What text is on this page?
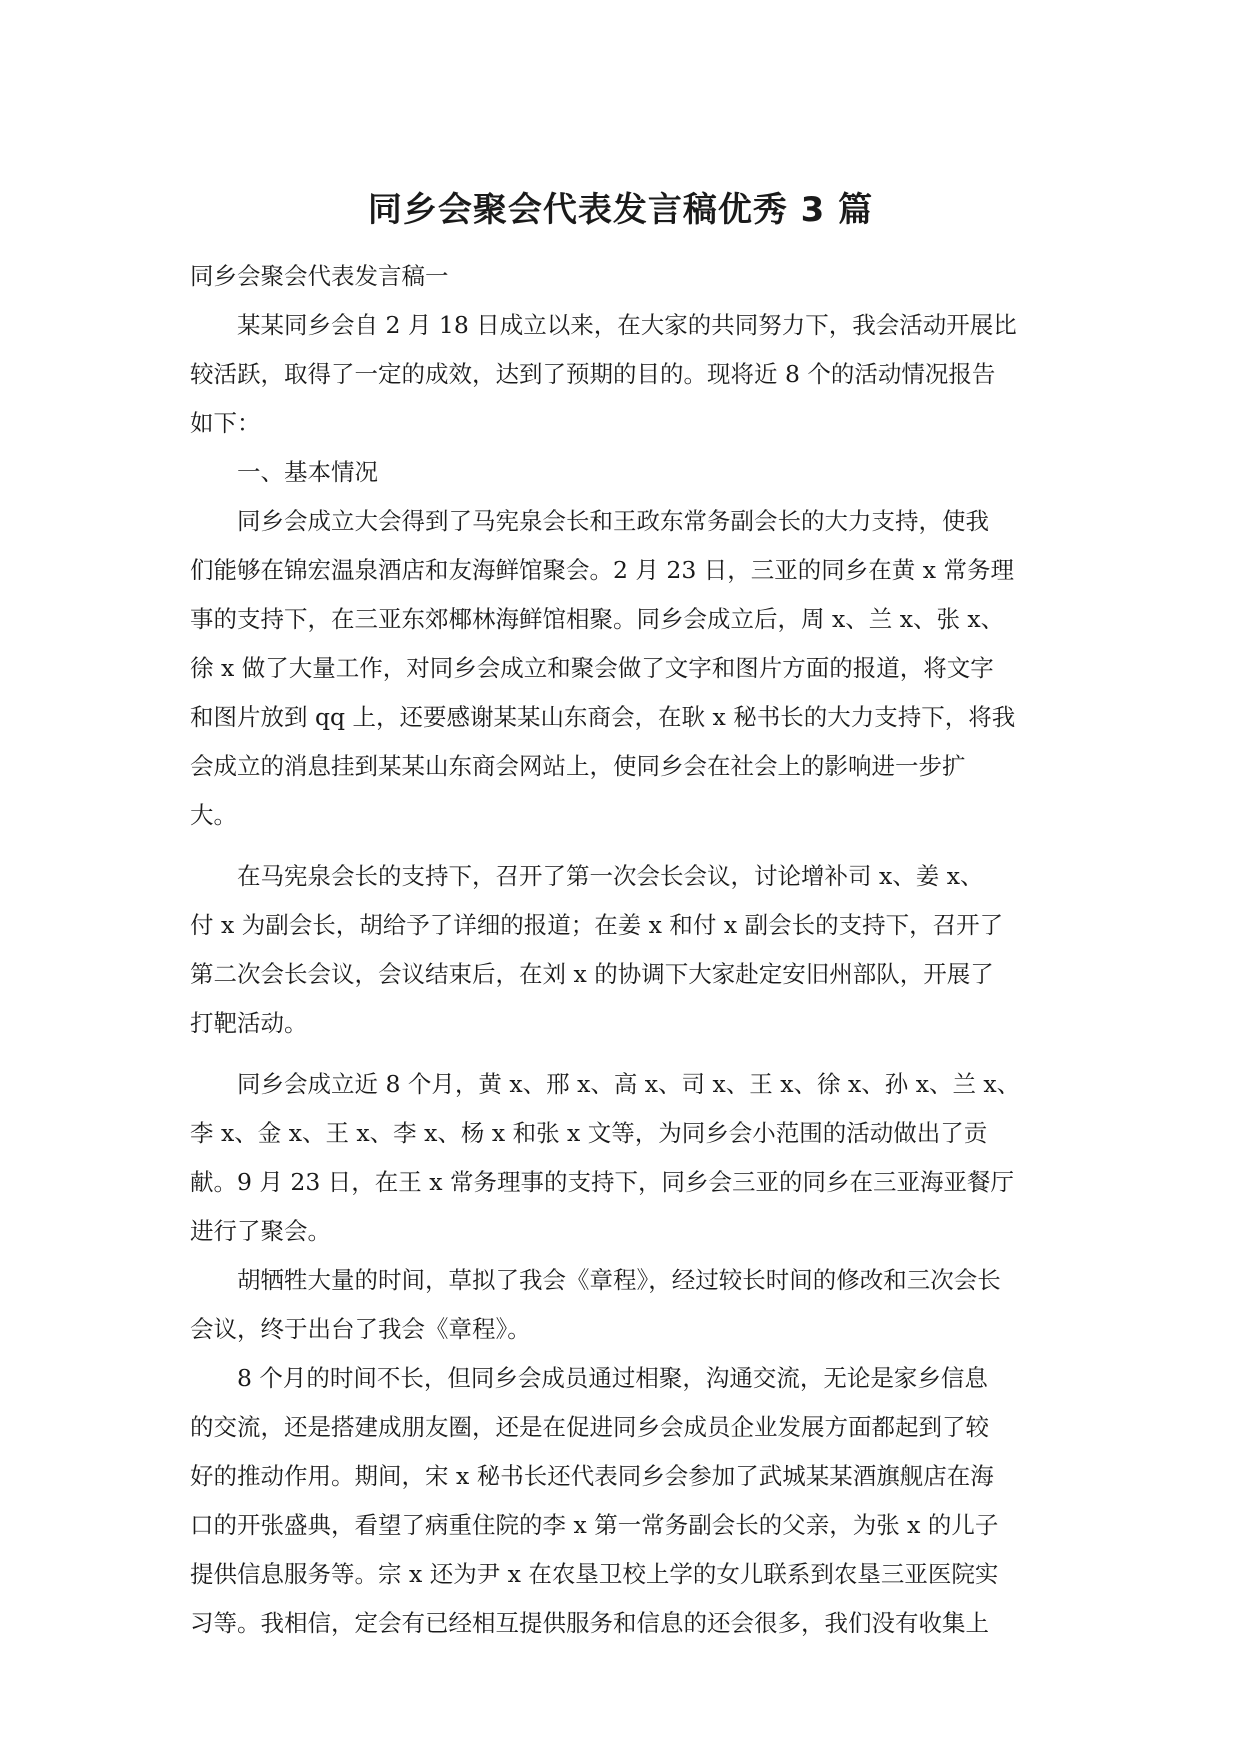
同乡会聚会代表发言稿优秀 3 篇
同乡会聚会代表发言稿一
某某同乡会自 2 月 18 日成立以来，在大家的共同努力下，我会活动开展比
较活跃，取得了一定的成效，达到了预期的目的。现将近 8 个的活动情况报告
如下：
一、基本情况
同乡会成立大会得到了马宪泉会长和王政东常务副会长的大力支持，使我
们能够在锦宏温泉酒店和友海鲜馆聚会。2 月 23 日，三亚的同乡在黄 x 常务理
事的支持下，在三亚东郊椰林海鲜馆相聚。同乡会成立后，周 x、兰 x、张 x、
徐 x 做了大量工作，对同乡会成立和聚会做了文字和图片方面的报道，将文字
和图片放到 qq 上，还要感谢某某山东商会，在耿 x 秘书长的大力支持下，将我
会成立的消息挂到某某山东商会网站上，使同乡会在社会上的影响进一步扩
大。
在马宪泉会长的支持下，召开了第一次会长会议，讨论增补司 x、姜 x、
付 x 为副会长，胡给予了详细的报道；在姜 x 和付 x 副会长的支持下，召开了
第二次会长会议，会议结束后，在刘 x 的协调下大家赴定安旧州部队，开展了
打靶活动。
同乡会成立近 8 个月，黄 x、邢 x、高 x、司 x、王 x、徐 x、孙 x、兰 x、
李 x、金 x、王 x、李 x、杨 x 和张 x 文等，为同乡会小范围的活动做出了贡
献。9 月 23 日，在王 x 常务理事的支持下，同乡会三亚的同乡在三亚海亚餐厅
进行了聚会。
胡牺牲大量的时间，草拟了我会《章程》，经过较长时间的修改和三次会长
会议，终于出台了我会《章程》。
8 个月的时间不长，但同乡会成员通过相聚，沟通交流，无论是家乡信息
的交流，还是搭建成朋友圈，还是在促进同乡会成员企业发展方面都起到了较
好的推动作用。期间，宋 x 秘书长还代表同乡会参加了武城某某酒旗舰店在海
口的开张盛典，看望了病重住院的李 x 第一常务副会长的父亲，为张 x 的儿子
提供信息服务等。宗 x 还为尹 x 在农垦卫校上学的女儿联系到农垦三亚医院实
习等。我相信，定会有已经相互提供服务和信息的还会很多，我们没有收集上
